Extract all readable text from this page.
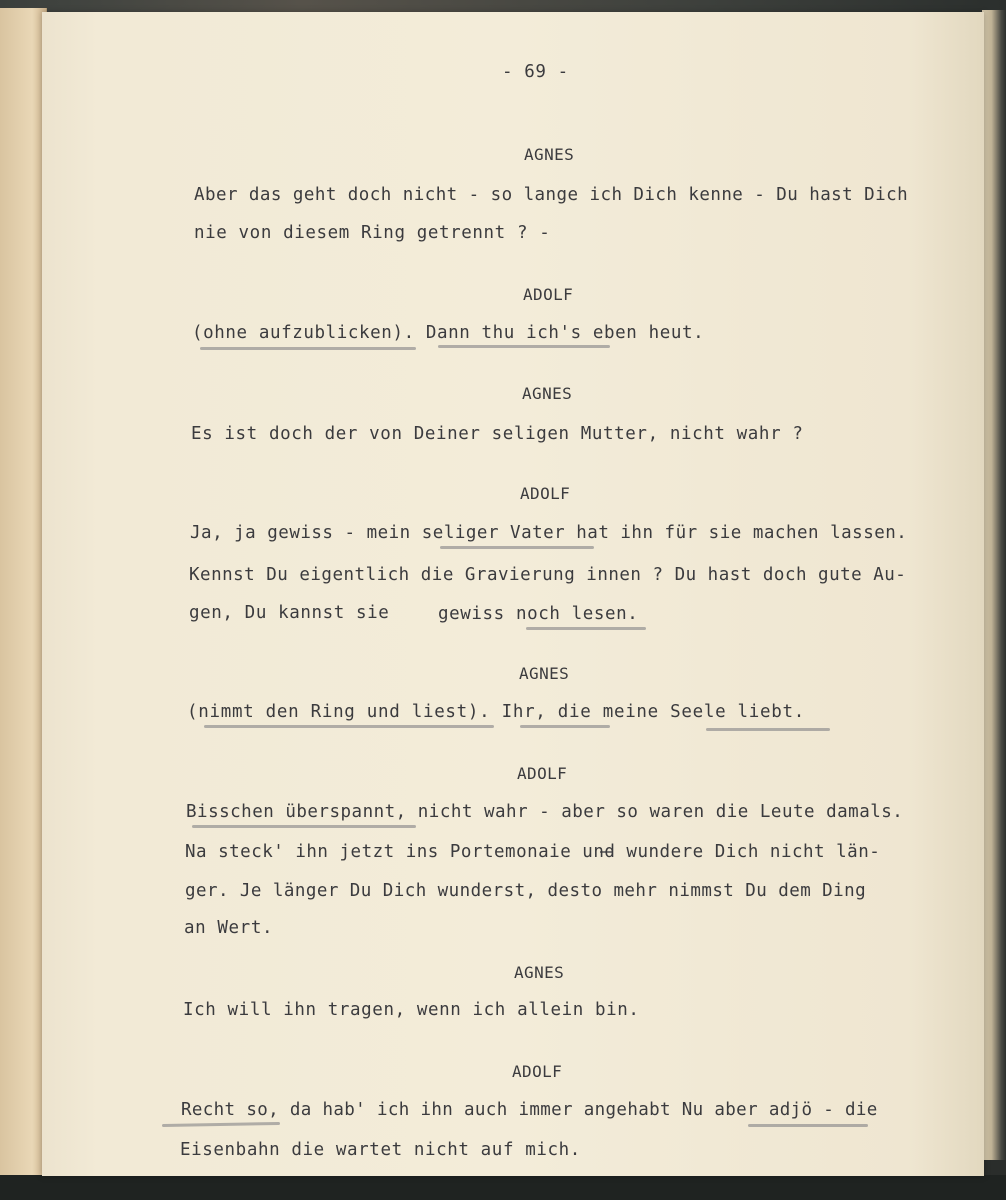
- 69 -
AGNES
Aber das geht doch nicht - so lange ich Dich kenne - Du hast Dich
nie von diesem Ring getrennt ? -
ADOLF
(ohne aufzublicken). Dann thu ich's eben heut.
AGNES
Es ist doch der von Deiner seligen Mutter, nicht wahr ?
ADOLF
Ja, ja gewiss - mein seliger Vater hat ihn für sie machen lassen.
Kennst Du eigentlich die Gravierung innen ? Du hast doch gute Au-
gen, Du kannst sie	gewiss noch lesen.
AGNES
(nimmt den Ring und liest). Ihr, die meine Seele liebt.
ADOLF
Bisschen überspannt, nicht wahr - aber so waren die Leute damals.
Na steck' ihn jetzt ins Portemonaie und wundere Dich nicht län-
ger. Je länger Du Dich wunderst, desto mehr nimmst Du dem Ding
an Wert.
AGNES
Ich will ihn tragen, wenn ich allein bin.
ADOLF
Recht so, da hab' ich ihn auch immer angehabt Nu aber adjö - die
Eisenbahn die wartet nicht auf mich.
